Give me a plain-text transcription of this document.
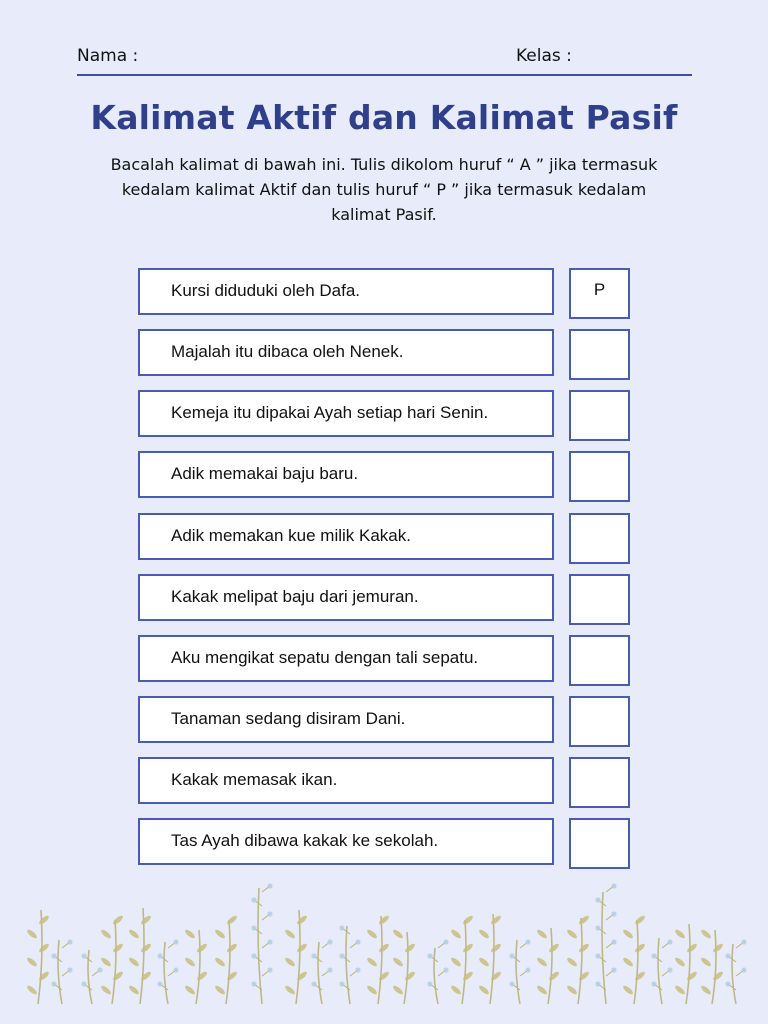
Nama :	Kelas :
Kalimat Aktif dan Kalimat Pasif
Bacalah kalimat di bawah ini. Tulis dikolom huruf “ A ” jika termasuk
kedalam kalimat Aktif dan tulis huruf “ P ” jika termasuk kedalam
kalimat Pasif.
Kursi diduduki oleh Dafa.	P
Majalah itu dibaca oleh Nenek.
Kemeja itu dipakai Ayah setiap hari Senin.
Adik memakai baju baru.
Adik memakan kue milik Kakak.
Kakak melipat baju dari jemuran.
Aku mengikat sepatu dengan tali sepatu.
Tanaman sedang disiram Dani.
Kakak memasak ikan.
Tas Ayah dibawa kakak ke sekolah.
